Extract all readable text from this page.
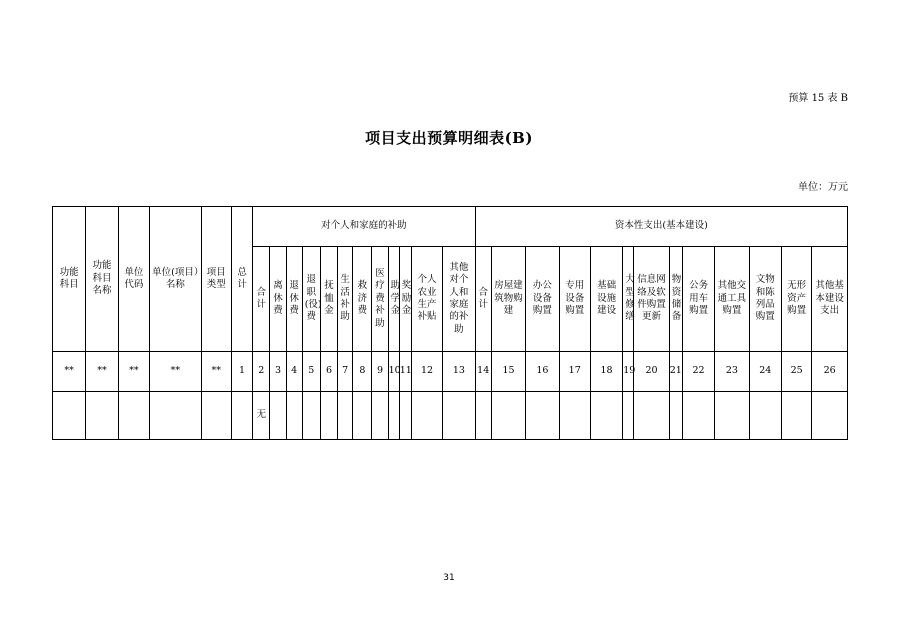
预算 15 表 B
项目支出预算明细表(B)
单位：万元
功能科目	功能科目名称	单位代码	单位(项目）名称	项目类型	总计	对个人和家庭的补助												资本性支出(基本建设)												

						合计	离休费	退休费	退职(役)费	抚恤金	生活补助	救济费	医疗费补助	助学金	奖励金	个人农业生产补贴	其他对个人和家庭的补助	合计	房屋建筑物购建	办公设备购置	专用设备购置	基础设施建设	大型修缮	信息网络及软件购置更新	物资储备	公务用车购置	其他交通工具购置	文物和陈列品购置	无形资产购置	其他基本建设支出

**	**	**	**	**	1	2	3	4	5	6	7	8	9	10	11	12	13	14	15	16	17	18	19	20	21	22	23	24	25	26
						无																								
31
